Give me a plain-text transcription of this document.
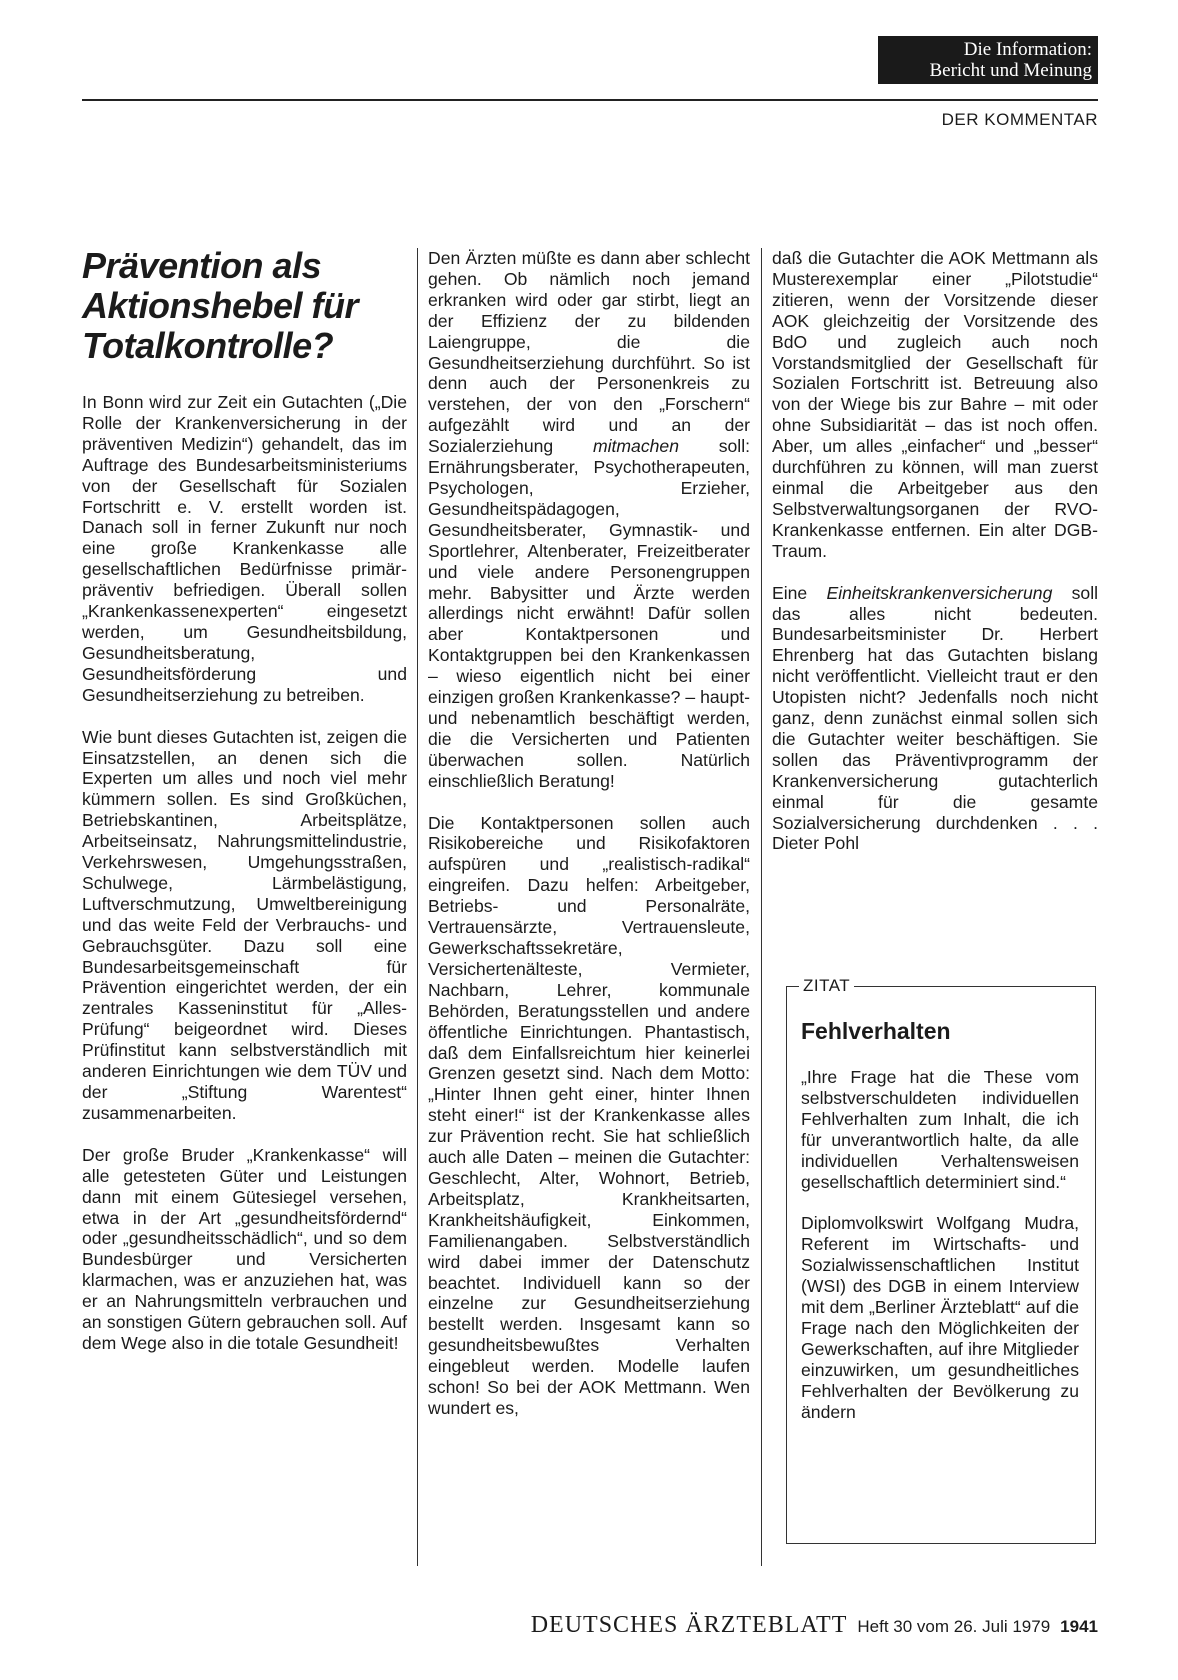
Die Information:
Bericht und Meinung
DER KOMMENTAR
Prävention als Aktionshebel für Totalkontrolle?

In Bonn wird zur Zeit ein Gutachten („Die Rolle der Krankenversicherung in der präventiven Medizin“) gehandelt, das im Auftrage des Bundesarbeitsministeriums von der Gesellschaft für Sozialen Fortschritt e. V. erstellt worden ist. Danach soll in ferner Zukunft nur noch eine große Krankenkasse alle gesellschaftlichen Bedürfnisse primär-präventiv befriedigen. Überall sollen „Krankenkassenexperten“ eingesetzt werden, um Gesundheitsbildung, Gesundheitsberatung, Gesundheitsförderung und Gesundheitserziehung zu betreiben.

Wie bunt dieses Gutachten ist, zeigen die Einsatzstellen, an denen sich die Experten um alles und noch viel mehr kümmern sollen. Es sind Großküchen, Betriebskantinen, Arbeitsplätze, Arbeitseinsatz, Nahrungsmittelindustrie, Verkehrswesen, Umgehungsstraßen, Schulwege, Lärmbelästigung, Luftverschmutzung, Umweltbereinigung und das weite Feld der Verbrauchs- und Gebrauchsgüter. Dazu soll eine Bundesarbeitsgemeinschaft für Prävention eingerichtet werden, der ein zentrales Kasseninstitut für „Alles-Prüfung“ beigeordnet wird. Dieses Prüfinstitut kann selbstverständlich mit anderen Einrichtungen wie dem TÜV und der „Stiftung Warentest“ zusammenarbeiten.

Der große Bruder „Krankenkasse“ will alle getesteten Güter und Leistungen dann mit einem Gütesiegel versehen, etwa in der Art „gesundheitsfördernd“ oder „gesundheitsschädlich“, und so dem Bundesbürger und Versicherten klarmachen, was er anzuziehen hat, was er an Nahrungsmitteln verbrauchen und an sonstigen Gütern gebrauchen soll. Auf dem Wege also in die totale Gesundheit!

Den Ärzten müßte es dann aber schlecht gehen. Ob nämlich noch jemand erkranken wird oder gar stirbt, liegt an der Effizienz der zu bildenden Laiengruppe, die die Gesundheitserziehung durchführt. So ist denn auch der Personenkreis zu verstehen, der von den „Forschern“ aufgezählt wird und an der Sozialerziehung mitmachen soll: Ernährungsberater, Psychotherapeuten, Psychologen, Erzieher, Gesundheitspädagogen, Gesundheitsberater, Gymnastik- und Sportlehrer, Altenberater, Freizeitberater und viele andere Personengruppen mehr. Babysitter und Ärzte werden allerdings nicht erwähnt! Dafür sollen aber Kontaktpersonen und Kontaktgruppen bei den Krankenkassen – wieso eigentlich nicht bei einer einzigen großen Krankenkasse? – haupt- und nebenamtlich beschäftigt werden, die die Versicherten und Patienten überwachen sollen. Natürlich einschließlich Beratung!

Die Kontaktpersonen sollen auch Risikobereiche und Risikofaktoren aufspüren und „realistisch-radikal“ eingreifen. Dazu helfen: Arbeitgeber, Betriebs- und Personalräte, Vertrauensärzte, Vertrauensleute, Gewerkschaftssekretäre, Versichertenälteste, Vermieter, Nachbarn, Lehrer, kommunale Behörden, Beratungsstellen und andere öffentliche Einrichtungen. Phantastisch, daß dem Einfallsreichtum hier keinerlei Grenzen gesetzt sind. Nach dem Motto: „Hinter Ihnen geht einer, hinter Ihnen steht einer!“ ist der Krankenkasse alles zur Prävention recht. Sie hat schließlich auch alle Daten – meinen die Gutachter: Geschlecht, Alter, Wohnort, Betrieb, Arbeitsplatz, Krankheitsarten, Krankheitshäufigkeit, Einkommen, Familienangaben. Selbstverständlich wird dabei immer der Datenschutz beachtet. Individuell kann so der einzelne zur Gesundheitserziehung bestellt werden. Insgesamt kann so gesundheitsbewußtes Verhalten eingebleut werden. Modelle laufen schon! So bei der AOK Mettmann. Wen wundert es,

daß die Gutachter die AOK Mettmann als Musterexemplar einer „Pilotstudie“ zitieren, wenn der Vorsitzende dieser AOK gleichzeitig der Vorsitzende des BdO und zugleich auch noch Vorstandsmitglied der Gesellschaft für Sozialen Fortschritt ist. Betreuung also von der Wiege bis zur Bahre – mit oder ohne Subsidiarität – das ist noch offen. Aber, um alles „einfacher“ und „besser“ durchführen zu können, will man zuerst einmal die Arbeitgeber aus den Selbstverwaltungsorganen der RVO-Krankenkasse entfernen. Ein alter DGB-Traum.

Eine Einheitskrankenversicherung soll das alles nicht bedeuten. Bundesarbeitsminister Dr. Herbert Ehrenberg hat das Gutachten bislang nicht veröffentlicht. Vielleicht traut er den Utopisten nicht? Jedenfalls noch nicht ganz, denn zunächst einmal sollen sich die Gutachter weiter beschäftigen. Sie sollen das Präventivprogramm der Krankenversicherung gutachterlich einmal für die gesamte Sozialversicherung durchdenken . . . Dieter Pohl

ZITAT
Fehlverhalten

„Ihre Frage hat die These vom selbstverschuldeten individuellen Fehlverhalten zum Inhalt, die ich für unverantwortlich halte, da alle individuellen Verhaltensweisen gesellschaftlich determiniert sind.“

Diplomvolkswirt Wolfgang Mudra, Referent im Wirtschafts- und Sozialwissenschaftlichen Institut (WSI) des DGB in einem Interview mit dem „Berliner Ärzteblatt“ auf die Frage nach den Möglichkeiten der Gewerkschaften, auf ihre Mitglieder einzuwirken, um gesundheitliches Fehlverhalten der Bevölkerung zu ändern

DEUTSCHES ÄRZTEBLATT Heft 30 vom 26. Juli 1979 1941
